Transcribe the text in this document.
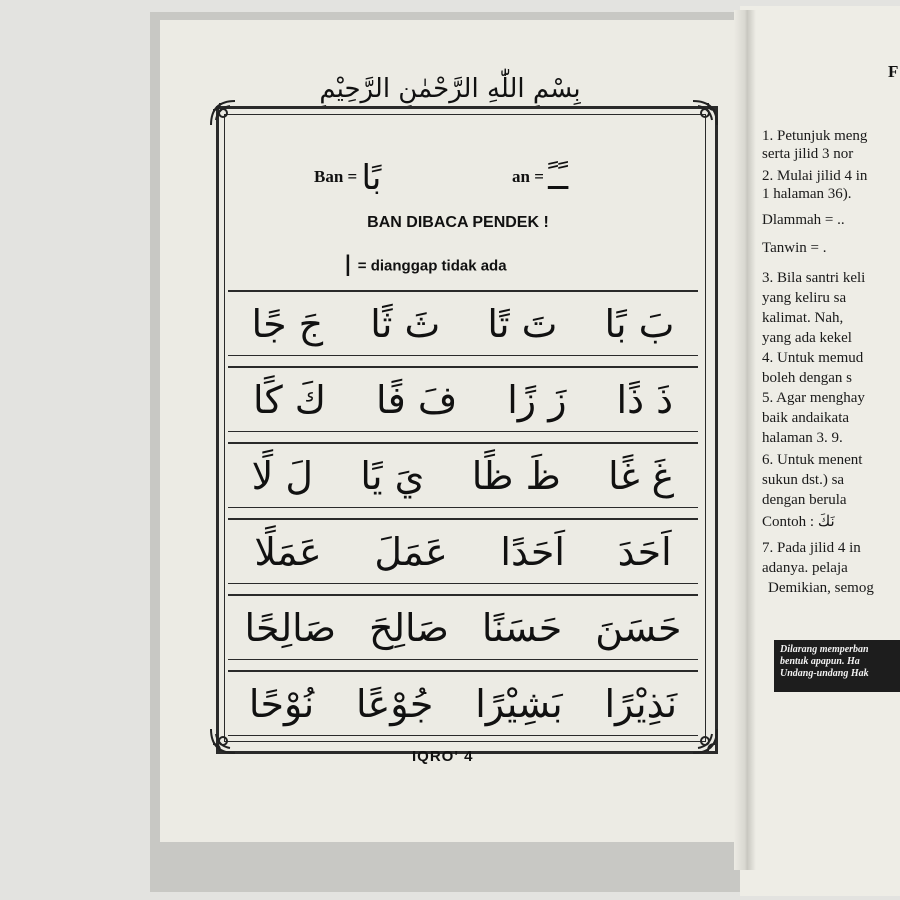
بِسْمِ اللّٰهِ الرَّحْمٰنِ الرَّحِيْمِ
Ban = بًا	an = ـًـً
BAN DIBACA PENDEK !
ا = dianggap tidak ada
بَ بًا
تَ تًا
ثَ ثًا
جَ جًا
ذَ ذًا
زَ زًا
فَ فًا
كَ كًا
غَ غًا
ظَ ظًا
يَ يًا
لَ لًا
اَحَدَ
اَحَدًا
عَمَلَ
عَمَلًا
حَسَنَ
حَسَنًا
صَالِحَ
صَالِحًا
نَذِيْرًا
بَشِيْرًا
جُوْعًا
نُوْحًا
IQRO' 4
F
1. Petunjuk meng
serta jilid 3 nor
2. Mulai jilid 4 in
1 halaman 36).
Dlammah = ..
Tanwin = .
3. Bila santri keli
yang keliru sa
kalimat. Nah,
yang ada kekel
4. Untuk memud
boleh dengan s
5. Agar menghay
baik andaikata
halaman 3. 9.
6. Untuk menent
sukun dst.) sa
dengan berula
Contoh : نَكَ
7. Pada jilid 4 in
adanya. pelaja
Demikian, semog
Dilarang memperban
bentuk apapun. Ha
Undang-undang Hak
